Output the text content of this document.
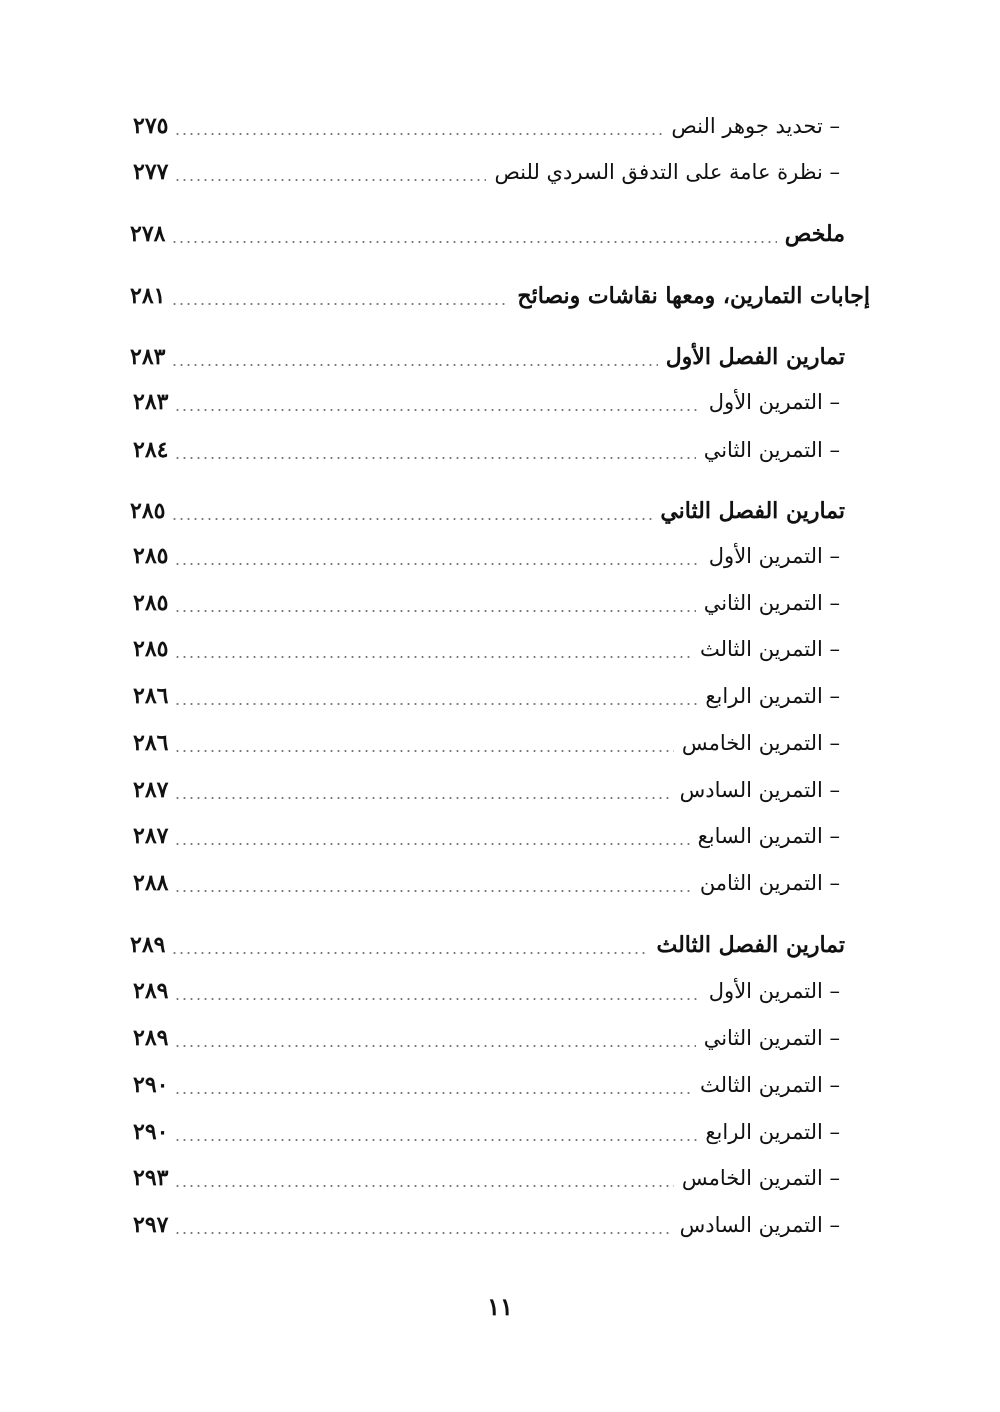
– تحديد جوهر النص
٢٧٥
– نظرة عامة على التدفق السردي للنص
٢٧٧
ملخص
٢٧٨
إجابات التمارين، ومعها نقاشات ونصائح
٢٨١
تمارين الفصل الأول
٢٨٣
– التمرين الأول
٢٨٣
– التمرين الثاني
٢٨٤
تمارين الفصل الثاني
٢٨٥
– التمرين الأول
٢٨٥
– التمرين الثاني
٢٨٥
– التمرين الثالث
٢٨٥
– التمرين الرابع
٢٨٦
– التمرين الخامس
٢٨٦
– التمرين السادس
٢٨٧
– التمرين السابع
٢٨٧
– التمرين الثامن
٢٨٨
تمارين الفصل الثالث
٢٨٩
– التمرين الأول
٢٨٩
– التمرين الثاني
٢٨٩
– التمرين الثالث
٢٩٠
– التمرين الرابع
٢٩٠
– التمرين الخامس
٢٩٣
– التمرين السادس
٢٩٧
١١
